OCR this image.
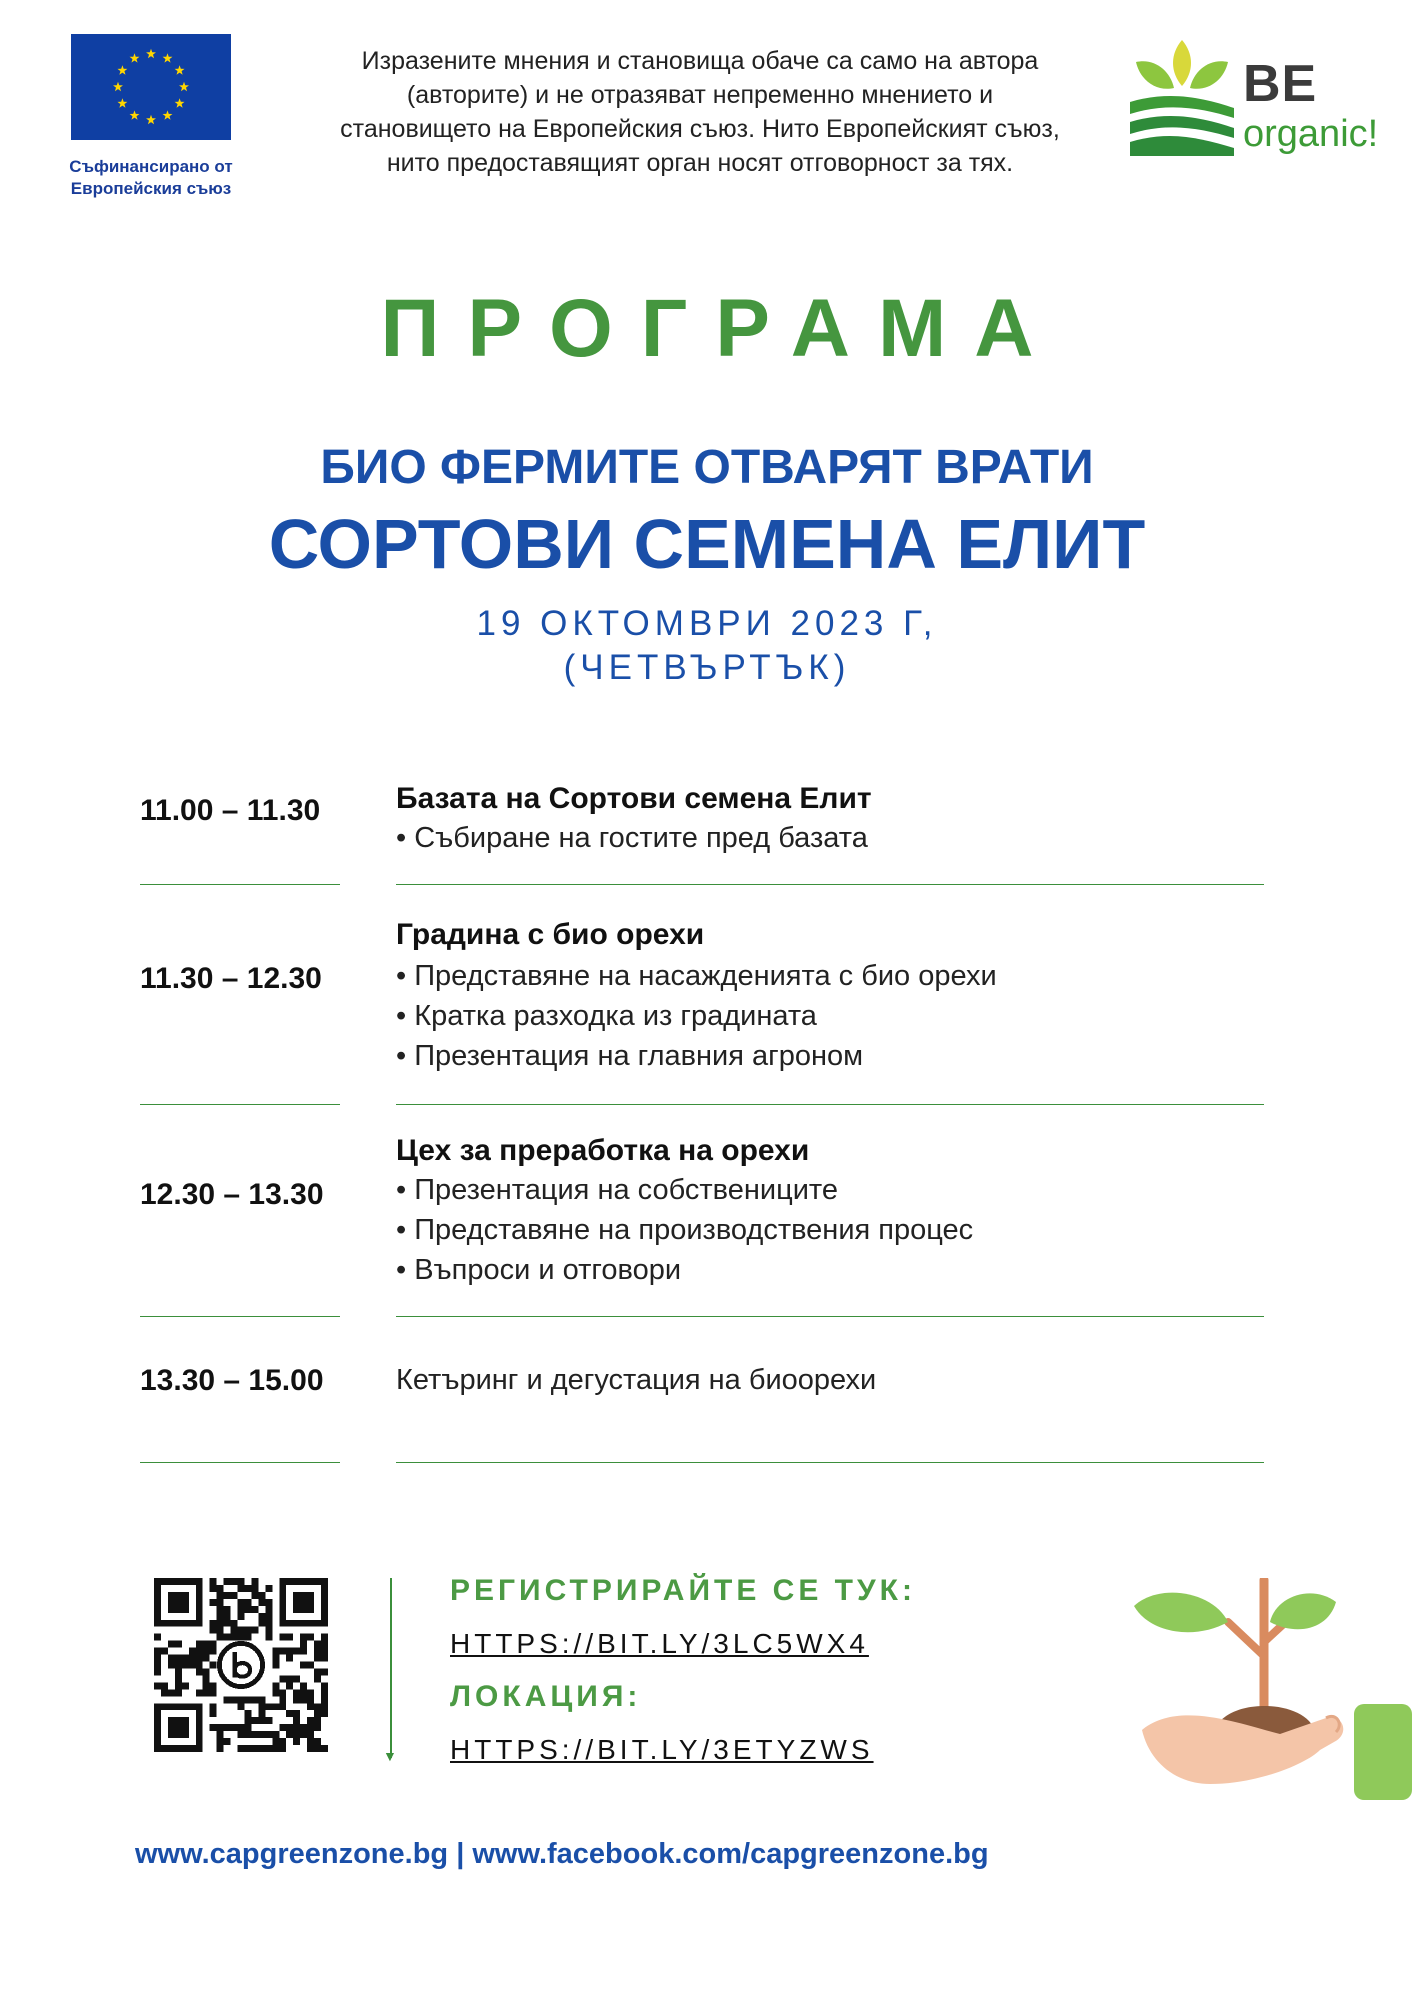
Съфинансирано от
Европейския съюз
Изразените мнения и становища обаче са само на автора
(авторите) и не отразяват непременно мнението и
становището на Европейския съюз. Нито Европейският съюз,
нито предоставящият орган носят отговорност за тях.
BE
organic!
ПРОГРАМА
БИО ФЕРМИТЕ ОТВАРЯТ ВРАТИ
СОРТОВИ СЕМЕНА ЕЛИТ
19 ОКТОМВРИ 2023 Г,
(ЧЕТВЪРТЪК)
11.00 – 11.30	Базата на Сортови семена Елит
• Събиране на гостите пред базата
11.30 – 12.30
Градина с био орехи
• Представяне на насажденията с био орехи
• Кратка разходка из градината
• Презентация на главния агроном
12.30 – 13.30
Цех за преработка на орехи
• Презентация на собствениците
• Представяне на производствения процес
• Въпроси и отговори
13.30 – 15.00 Кетъринг и дегустация на биоорехи
▼
РЕГИСТРИРАЙТЕ СЕ ТУК:
HTTPS://BIT.LY/3LC5WX4
ЛОКАЦИЯ:
HTTPS://BIT.LY/3ETYZWS
www.capgreenzone.bg | www.facebook.com/capgreenzone.bg
